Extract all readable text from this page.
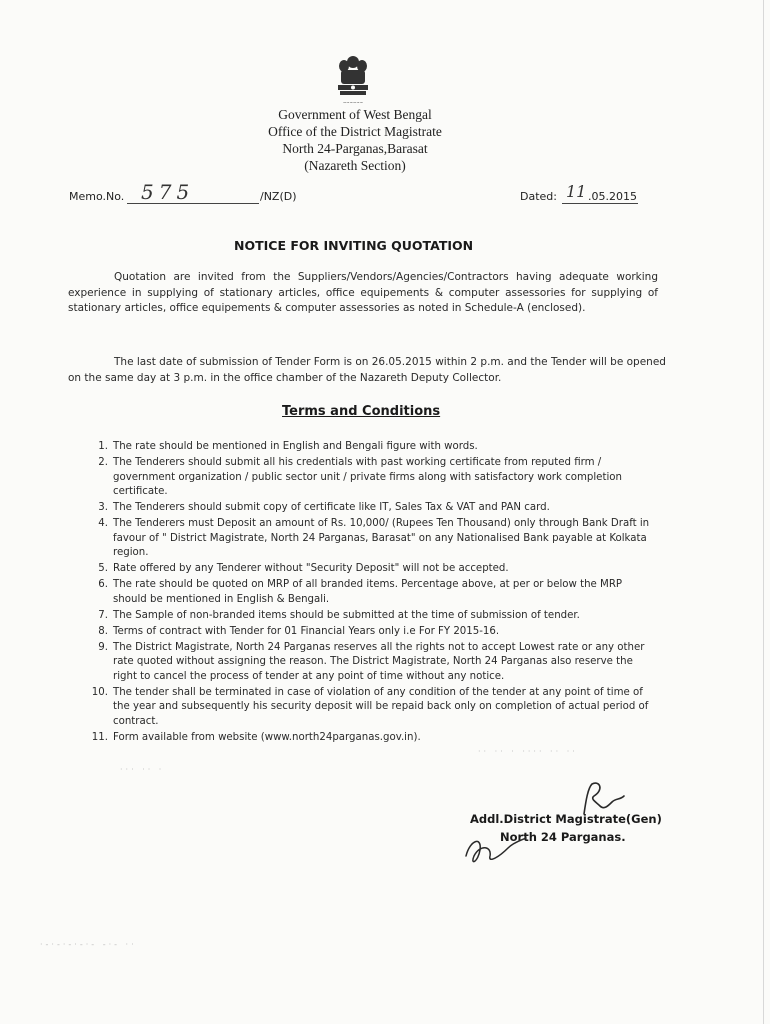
~~~~~~
Government of West Bengal
Office of the District Magistrate
North 24-Parganas,Barasat
(Nazareth Section)
Memo.No. 575	/NZ(D)	Dated: 11 .05.2015
NOTICE FOR INVITING QUOTATION
Quotation are invited from the Suppliers/Vendors/Agencies/Contractors having adequate working experience in supplying of stationary articles, office equipements & computer assessories for supplying of stationary articles, office equipements & computer assessories as noted in Schedule-A (enclosed).
The last date of submission of Tender Form is on 26.05.2015 within 2 p.m. and the Tender will be opened on the same day at 3 p.m. in the office chamber of the Nazareth Deputy Collector.
Terms and Conditions
1. The rate should be mentioned in English and Bengali figure with words.
2. The Tenderers should submit all his credentials with past working certificate from reputed firm / government organization / public sector unit / private firms along with satisfactory work completion certificate.
3. The Tenderers should submit copy of certificate like IT, Sales Tax & VAT and PAN card.
4. The Tenderers must Deposit an amount of Rs. 10,000/ (Rupees Ten Thousand) only through Bank Draft in favour of " District Magistrate, North 24 Parganas, Barasat" on any Nationalised Bank payable at Kolkata region.
5. Rate offered by any Tenderer without "Security Deposit" will not be accepted.
6. The rate should be quoted on MRP of all branded items. Percentage above, at per or below the MRP should be mentioned in English & Bengali.
7. The Sample of non-branded items should be submitted at the time of submission of tender.
8. Terms of contract with Tender for 01 Financial Years only i.e For FY 2015-16.
9. The District Magistrate, North 24 Parganas reserves all the rights not to accept Lowest rate or any other rate quoted without assigning the reason. The District Magistrate, North 24 Parganas also reserve the right to cancel the process of tender at any point of time without any notice.
10. The tender shall be terminated in case of violation of any condition of the tender at any point of time of the year and subsequently his security deposit will be repaid back only on completion of actual period of contract.
11. Form available from website (www.north24parganas.gov.in).
·· ·· · ···· ·· ··
··· ·· ·
Addl.District Magistrate(Gen)
North 24 Parganas.
·-·-·-·-·- -·- ··
